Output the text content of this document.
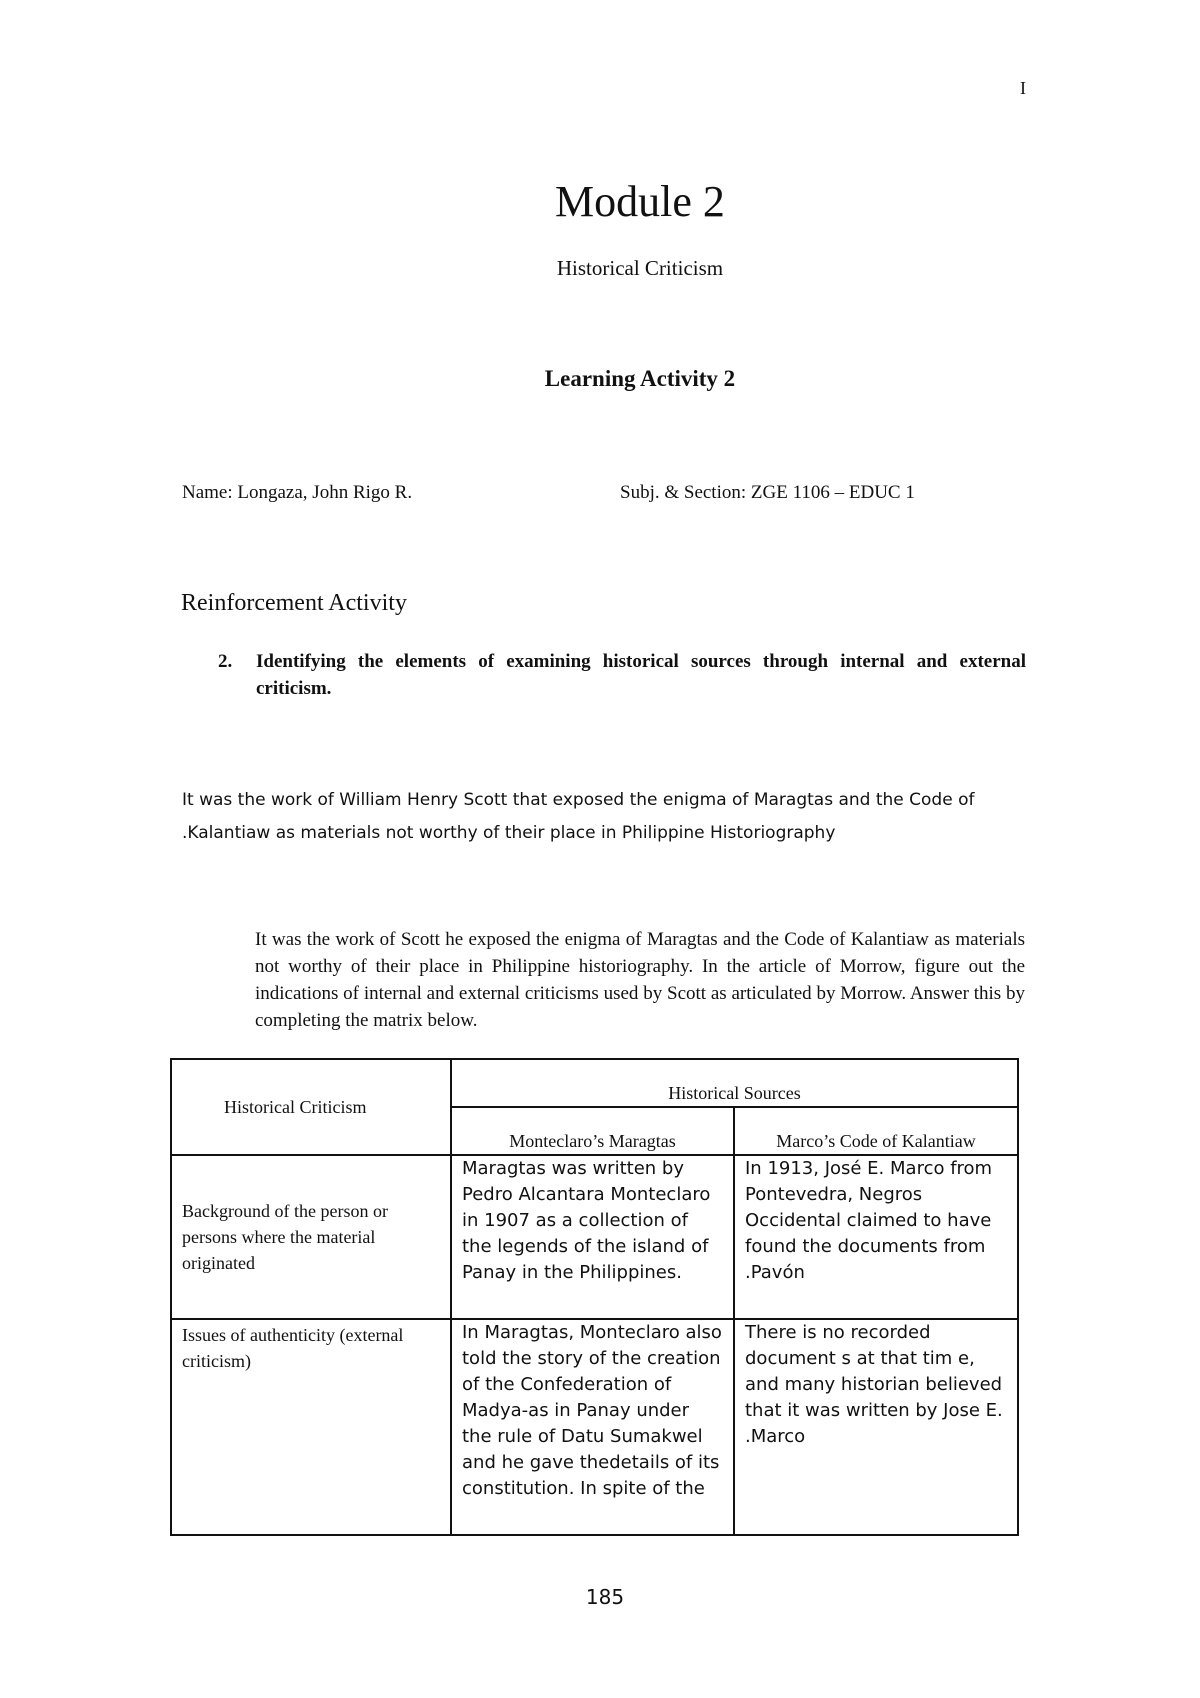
I
Module 2
Historical Criticism
Learning Activity 2
Name: Longaza, John Rigo R.	Subj. & Section: ZGE 1106 – EDUC 1
Reinforcement Activity
2. Identifying the elements of examining historical sources through internal and external criticism.
It was the work of William Henry Scott that exposed the enigma of Maragtas and the Code of .Kalantiaw as materials not worthy of their place in Philippine Historiography
It was the work of Scott he exposed the enigma of Maragtas and the Code of Kalantiaw as materials not worthy of their place in Philippine historiography. In the article of Morrow, figure out the indications of internal and external criticisms used by Scott as articulated by Morrow. Answer this by completing the matrix below.
Historical Criticism	Historical Sources	
	Monteclaro’s Maragtas	Marco’s Code of Kalantiaw
Background of the person or persons where the material originated	Maragtas was written by Pedro Alcantara Monteclaro in 1907 as a collection of the legends of the island of Panay in the Philippines.	In 1913, José E. Marco from Pontevedra, Negros Occidental claimed to have found the documents from .Pavón
Issues of authenticity (external criticism)	In Maragtas, Monteclaro also told the story of the creation of the Confederation of Madya-as in Panay under the rule of Datu Sumakwel and he gave thedetails of its constitution. In spite of the	There is no recorded document s at that tim e, and many historian believed that it was written by Jose E. .Marco
185
